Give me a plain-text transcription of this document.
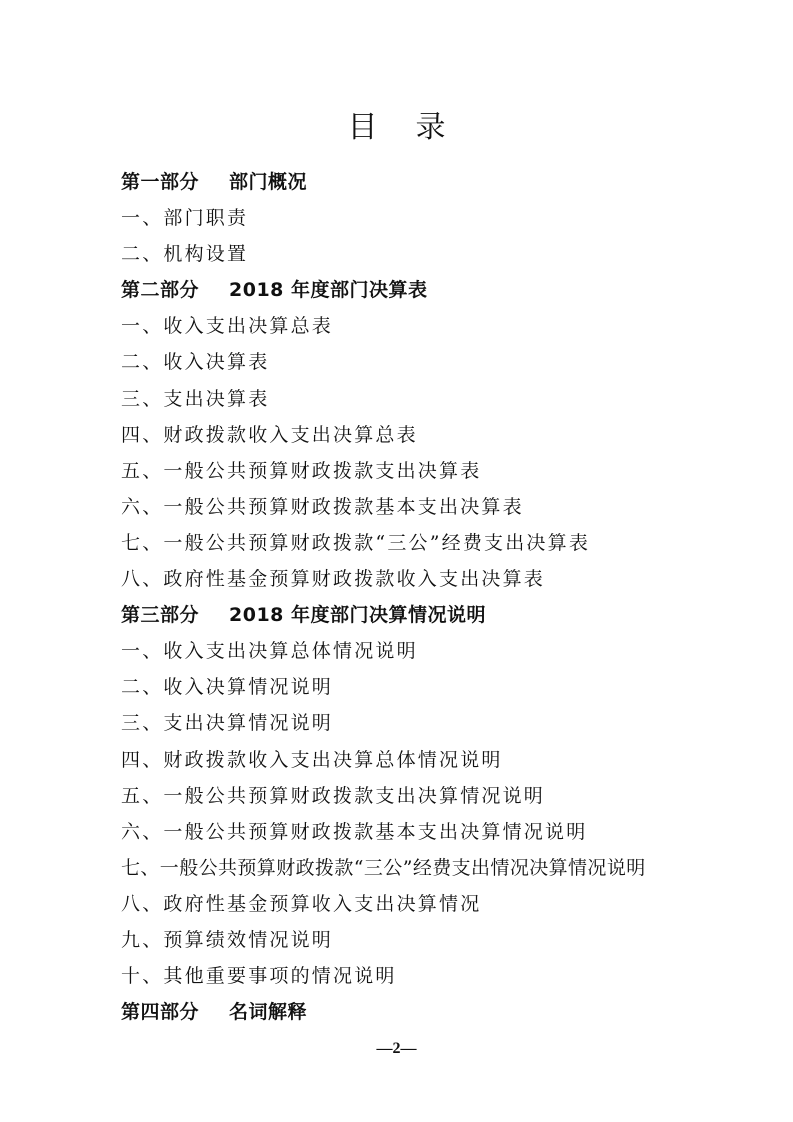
目录
第一部分 部门概况
一、部门职责
二、机构设置
第二部分 2018 年度部门决算表
一、收入支出决算总表
二、收入决算表
三、支出决算表
四、财政拨款收入支出决算总表
五、一般公共预算财政拨款支出决算表
六、一般公共预算财政拨款基本支出决算表
七、一般公共预算财政拨款“三公”经费支出决算表
八、政府性基金预算财政拨款收入支出决算表
第三部分 2018 年度部门决算情况说明
一、收入支出决算总体情况说明
二、收入决算情况说明
三、支出决算情况说明
四、财政拨款收入支出决算总体情况说明
五、一般公共预算财政拨款支出决算情况说明
六、一般公共预算财政拨款基本支出决算情况说明
七、一般公共预算财政拨款“三公”经费支出情况决算情况说明
八、政府性基金预算收入支出决算情况
九、预算绩效情况说明
十、其他重要事项的情况说明
第四部分 名词解释
—2—
